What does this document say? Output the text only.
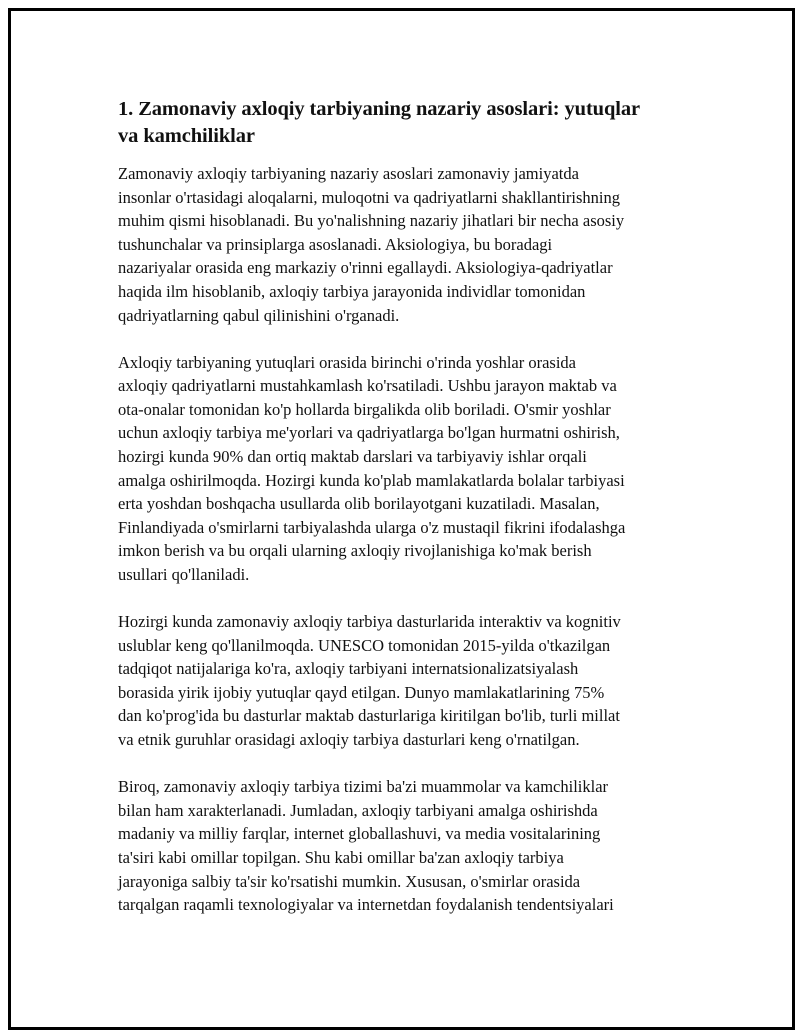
1. Zamonaviy axloqiy tarbiyaning nazariy asoslari: yutuqlar
va kamchiliklar

Zamonaviy axloqiy tarbiyaning nazariy asoslari zamonaviy jamiyatda
insonlar o'rtasidagi aloqalarni, muloqotni va qadriyatlarni shakllantirishning
muhim qismi hisoblanadi. Bu yo'nalishning nazariy jihatlari bir necha asosiy
tushunchalar va prinsiplarga asoslanadi. Aksiologiya, bu boradagi
nazariyalar orasida eng markaziy o'rinni egallaydi. Aksiologiya-qadriyatlar
haqida ilm hisoblanib, axloqiy tarbiya jarayonida individlar tomonidan
qadriyatlarning qabul qilinishini o'rganadi.

Axloqiy tarbiyaning yutuqlari orasida birinchi o'rinda yoshlar orasida
axloqiy qadriyatlarni mustahkamlash ko'rsatiladi. Ushbu jarayon maktab va
ota-onalar tomonidan ko'p hollarda birgalikda olib boriladi. O'smir yoshlar
uchun axloqiy tarbiya me'yorlari va qadriyatlarga bo'lgan hurmatni oshirish,
hozirgi kunda 90% dan ortiq maktab darslari va tarbiyaviy ishlar orqali
amalga oshirilmoqda. Hozirgi kunda ko'plab mamlakatlarda bolalar tarbiyasi
erta yoshdan boshqacha usullarda olib borilayotgani kuzatiladi. Masalan,
Finlandiyada o'smirlarni tarbiyalashda ularga o'z mustaqil fikrini ifodalashga
imkon berish va bu orqali ularning axloqiy rivojlanishiga ko'mak berish
usullari qo'llaniladi.

Hozirgi kunda zamonaviy axloqiy tarbiya dasturlarida interaktiv va kognitiv
uslublar keng qo'llanilmoqda. UNESCO tomonidan 2015-yilda o'tkazilgan
tadqiqot natijalariga ko'ra, axloqiy tarbiyani internatsionalizatsiyalash
borasida yirik ijobiy yutuqlar qayd etilgan. Dunyo mamlakatlarining 75%
dan ko'prog'ida bu dasturlar maktab dasturlariga kiritilgan bo'lib, turli millat
va etnik guruhlar orasidagi axloqiy tarbiya dasturlari keng o'rnatilgan.

Biroq, zamonaviy axloqiy tarbiya tizimi ba'zi muammolar va kamchiliklar
bilan ham xarakterlanadi. Jumladan, axloqiy tarbiyani amalga oshirishda
madaniy va milliy farqlar, internet globallashuvi, va media vositalarining
ta'siri kabi omillar topilgan. Shu kabi omillar ba'zan axloqiy tarbiya
jarayoniga salbiy ta'sir ko'rsatishi mumkin. Xususan, o'smirlar orasida
tarqalgan raqamli texnologiyalar va internetdan foydalanish tendentsiyalari
